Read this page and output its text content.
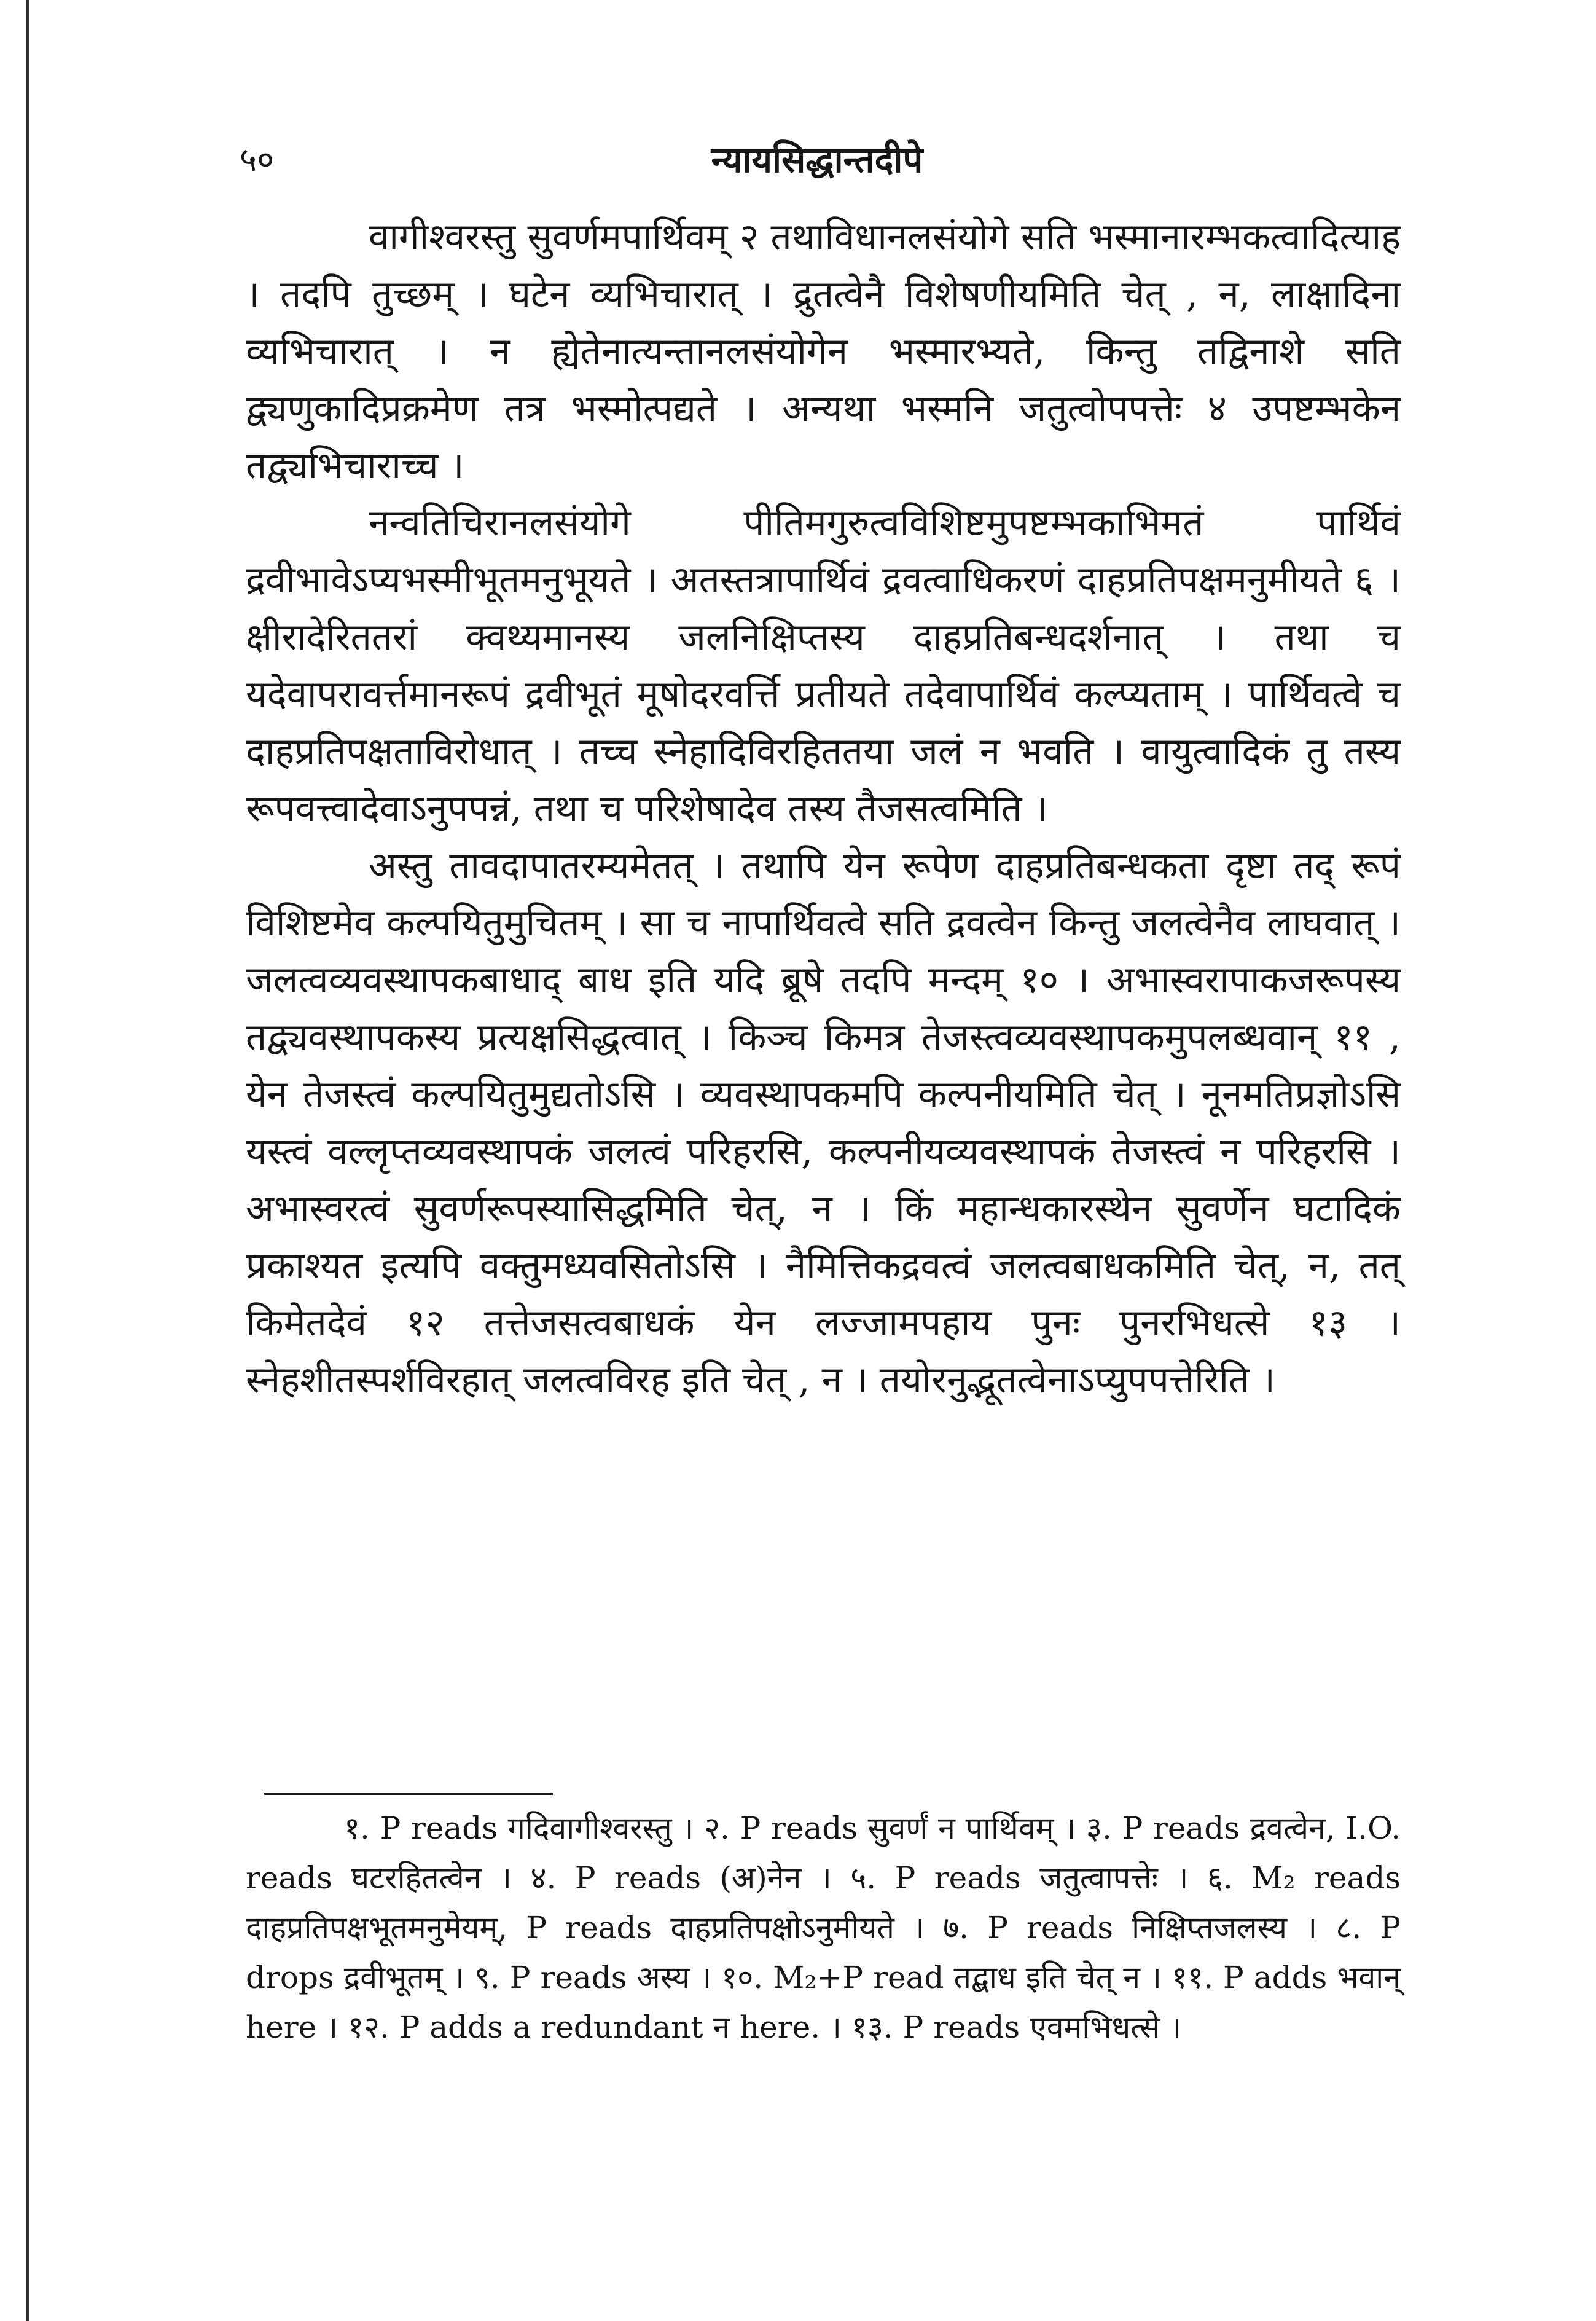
५०	न्यायसिद्धान्तदीपे

वागीश्वरस्तु सुवर्णमपार्थिवम् २ तथाविधानलसंयोगे सति भस्मानारम्भकत्वादित्याह । तदपि तुच्छम् । घटेन व्यभिचारात् । द्रुतत्वेनै विशेषणीयमिति चेत् , न, लाक्षादिना व्यभिचारात् । न ह्येतेनात्यन्तानलसंयोगेन भस्मारभ्यते, किन्तु तद्विनाशे सति द्व्यणुकादिप्रक्रमेण तत्र भस्मोत्पद्यते । अन्यथा भस्मनि जतुत्वोपपत्तेः ४ उपष्टम्भकेन तद्व्यभिचाराच्च ।

नन्वतिचिरानलसंयोगे पीतिमगुरुत्वविशिष्टमुपष्टम्भकाभिमतं पार्थिवं द्रवीभावेऽप्यभस्मीभूतमनुभूयते । अतस्तत्रापार्थिवं द्रवत्वाधिकरणं दाहप्रतिपक्षमनुमीयते ६ । क्षीरादेरिततरां क्वथ्यमानस्य जलनिक्षिप्तस्य दाहप्रतिबन्धदर्शनात् । तथा च यदेवापरावर्त्तमानरूपं द्रवीभूतं मूषोदरवर्त्ति प्रतीयते तदेवापार्थिवं कल्प्यताम् । पार्थिवत्वे च दाहप्रतिपक्षताविरोधात् । तच्च स्नेहादिविरहिततया जलं न भवति । वायुत्वादिकं तु तस्य रूपवत्त्वादेवाऽनुपपन्नं, तथा च परिशेषादेव तस्य तैजसत्वमिति ।

अस्तु तावदापातरम्यमेतत् । तथापि येन रूपेण दाहप्रतिबन्धकता दृष्टा तद् रूपं विशिष्टमेव कल्पयितुमुचितम् । सा च नापार्थिवत्वे सति द्रवत्वेन किन्तु जलत्वेनैव लाघवात् । जलत्वव्यवस्थापकबाधाद् बाध इति यदि ब्रूषे तदपि मन्दम् १० । अभास्वरापाकजरूपस्य तद्व्यवस्थापकस्य प्रत्यक्षसिद्धत्वात् । किञ्च किमत्र तेजस्त्वव्यवस्थापकमुपलब्धवान् ११ , येन तेजस्त्वं कल्पयितुमुद्यतोऽसि । व्यवस्थापकमपि कल्पनीयमिति चेत् । नूनमतिप्रज्ञोऽसि यस्त्वं वल्लृप्तव्यवस्थापकं जलत्वं परिहरसि, कल्पनीयव्यवस्थापकं तेजस्त्वं न परिहरसि । अभास्वरत्वं सुवर्णरूपस्यासिद्धमिति चेत्, न । किं महान्धकारस्थेन सुवर्णेन घटादिकं प्रकाश्यत इत्यपि वक्तुमध्यवसितोऽसि । नैमित्तिकद्रवत्वं जलत्वबाधकमिति चेत्, न, तत् किमेतदेवं १२ तत्तेजसत्वबाधकं येन लज्जामपहाय पुनः पुनरभिधत्से १३ । स्नेहशीतस्पर्शविरहात् जलत्वविरह इति चेत् , न । तयोरनुद्भूतत्वेनाऽप्युपपत्तेरिति ।

१. P reads गदिवागीश्वरस्तु । २. P reads सुवर्णं न पार्थिवम् । ३. P reads द्रवत्वेन, I.O. reads घटरहितत्वेन । ४. P reads (अ)नेन । ५. P reads जतुत्वापत्तेः । ६. M₂ reads दाहप्रतिपक्षभूतमनुमेयम्, P reads दाहप्रतिपक्षोऽनुमीयते । ७. P reads निक्षिप्तजलस्य । ८. P drops द्रवीभूतम् । ९. P reads अस्य । १०. M₂+P read तद्बाध इति चेत् न । ११. P adds भवान् here । १२. P adds a redundant न here. । १३. P reads एवमभिधत्से ।
